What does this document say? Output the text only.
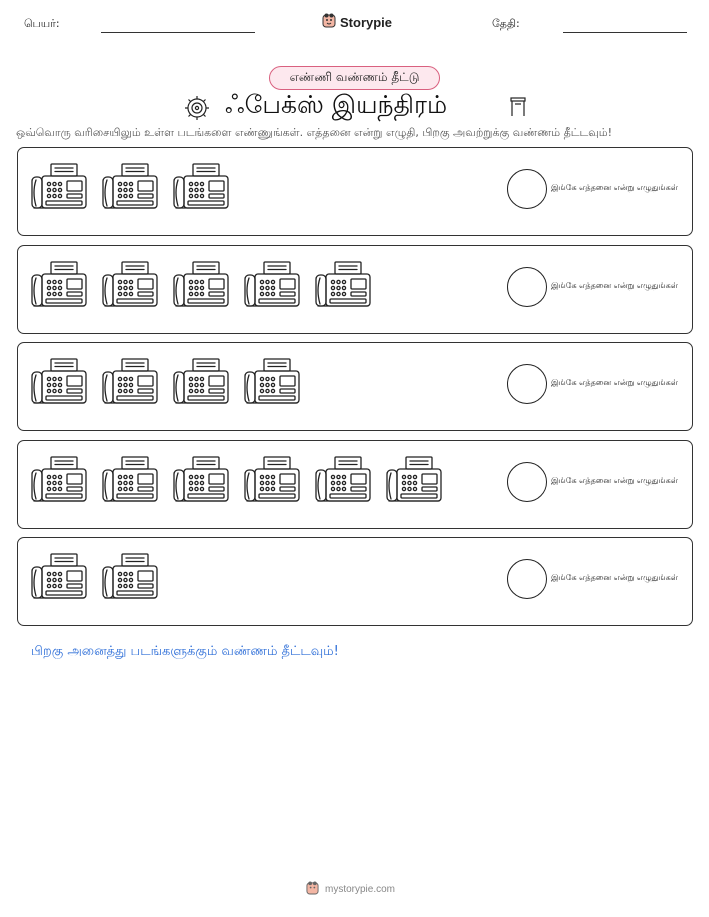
பெயர்:	Storypie	தேதி:
எண்ணி வண்ணம் தீட்டு
ஃபேக்ஸ் இயந்திரம்
ஒவ்வொரு வரிசையிலும் உள்ள படங்களை எண்ணுங்கள். எத்தனை என்று எழுதி, பிறகு அவற்றுக்கு வண்ணம் தீட்டவும்!
இங்கே எத்தனை என்று எழுதுங்கள்
இங்கே எத்தனை என்று எழுதுங்கள்
இங்கே எத்தனை என்று எழுதுங்கள்
இங்கே எத்தனை என்று எழுதுங்கள்
இங்கே எத்தனை என்று எழுதுங்கள்
பிறகு அனைத்து படங்களுக்கும் வண்ணம் தீட்டவும்!
mystorypie.com
